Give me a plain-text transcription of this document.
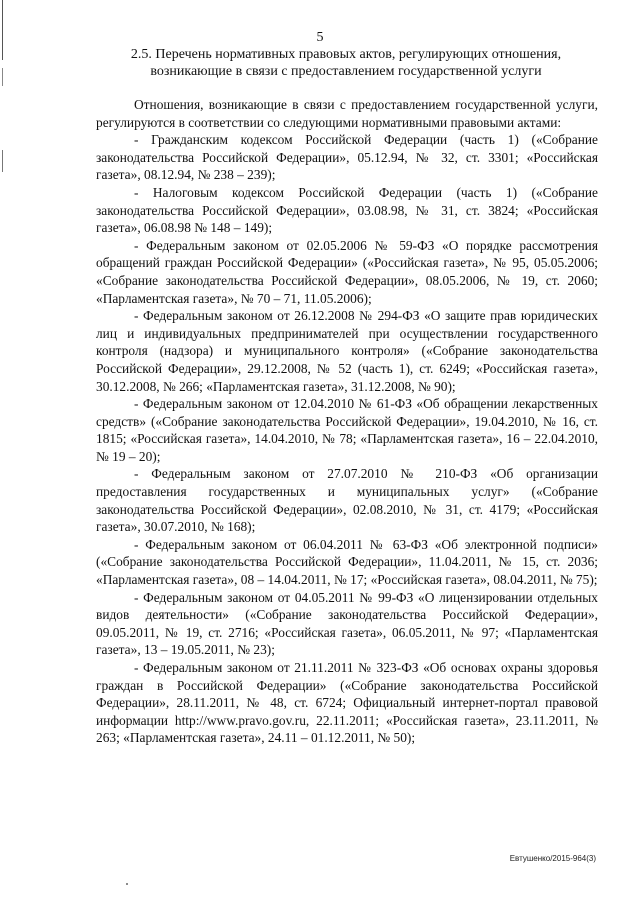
5
2.5. Перечень нормативных правовых актов, регулирующих отношения, возникающие в связи с предоставлением государственной услуги

Отношения, возникающие в связи с предоставлением государственной услуги, регулируются в соответствии со следующими нормативными правовыми актами:

- Гражданским кодексом Российской Федерации (часть 1) («Собрание законодательства Российской Федерации», 05.12.94, № 32, ст. 3301; «Российская газета», 08.12.94, № 238 – 239);

- Налоговым кодексом Российской Федерации (часть 1) («Собрание законодательства Российской Федерации», 03.08.98, № 31, ст. 3824; «Российская газета», 06.08.98 № 148 – 149);

- Федеральным законом от 02.05.2006 № 59-ФЗ «О порядке рассмотрения обращений граждан Российской Федерации» («Российская газета», № 95, 05.05.2006; «Собрание законодательства Российской Федерации», 08.05.2006, № 19, ст. 2060; «Парламентская газета», № 70 – 71, 11.05.2006);

- Федеральным законом от 26.12.2008 № 294-ФЗ «О защите прав юридических лиц и индивидуальных предпринимателей при осуществлении государственного контроля (надзора) и муниципального контроля» («Собрание законодательства Российской Федерации», 29.12.2008, № 52 (часть 1), ст. 6249; «Российская газета», 30.12.2008, № 266; «Парламентская газета», 31.12.2008, № 90);

- Федеральным законом от 12.04.2010 № 61-ФЗ «Об обращении лекарственных средств» («Собрание законодательства Российской Федерации», 19.04.2010, № 16, ст. 1815; «Российская газета», 14.04.2010, № 78; «Парламентская газета», 16 – 22.04.2010, № 19 – 20);

- Федеральным законом от 27.07.2010 № 210-ФЗ «Об организации предоставления государственных и муниципальных услуг» («Собрание законодательства Российской Федерации», 02.08.2010, № 31, ст. 4179; «Российская газета», 30.07.2010, № 168);

- Федеральным законом от 06.04.2011 № 63-ФЗ «Об электронной подписи» («Собрание законодательства Российской Федерации», 11.04.2011, № 15, ст. 2036; «Парламентская газета», 08 – 14.04.2011, № 17; «Российская газета», 08.04.2011, № 75);

- Федеральным законом от 04.05.2011 № 99-ФЗ «О лицензировании отдельных видов деятельности» («Собрание законодательства Российской Федерации», 09.05.2011, № 19, ст. 2716; «Российская газета», 06.05.2011, № 97; «Парламентская газета», 13 – 19.05.2011, № 23);

- Федеральным законом от 21.11.2011 № 323-ФЗ «Об основах охраны здоровья граждан в Российской Федерации» («Собрание законодательства Российской Федерации», 28.11.2011, № 48, ст. 6724; Официальный интернет-портал правовой информации http://www.pravo.gov.ru, 22.11.2011; «Российская газета», 23.11.2011, № 263; «Парламентская газета», 24.11 – 01.12.2011, № 50);

Евтушенко/2015-964(3)
